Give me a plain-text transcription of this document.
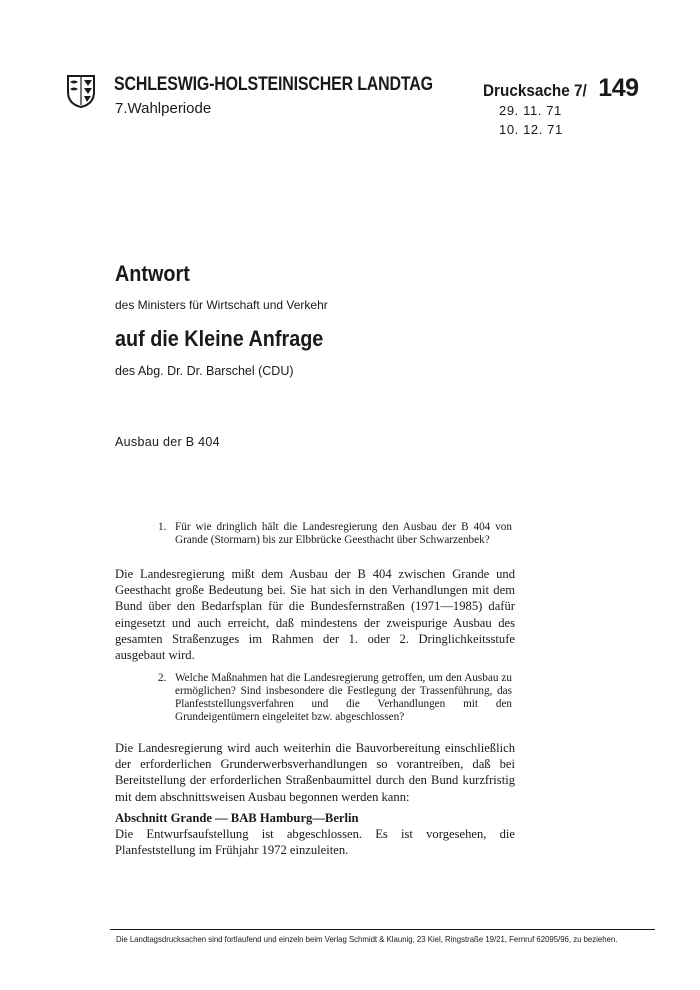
SCHLESWIG-HOLSTEINISCHER LANDTAG
7.Wahlperiode
Drucksache 7/ 149
29. 11. 71
10. 12. 71
Antwort
des Ministers für Wirtschaft und Verkehr
auf die Kleine Anfrage
des Abg. Dr. Dr. Barschel (CDU)
Ausbau der B 404
1. Für wie dringlich hält die Landesregierung den Ausbau der B 404 von Grande (Stormarn) bis zur Elbbrücke Geesthacht über Schwarzenbek?
Die Landesregierung mißt dem Ausbau der B 404 zwischen Grande und Geesthacht große Bedeutung bei. Sie hat sich in den Verhandlungen mit dem Bund über den Bedarfsplan für die Bundesfernstraßen (1971—1985) dafür eingesetzt und auch erreicht, daß mindestens der zweispurige Ausbau des gesamten Straßenzuges im Rahmen der 1. oder 2. Dringlichkeitsstufe ausgebaut wird.
2. Welche Maßnahmen hat die Landesregierung getroffen, um den Ausbau zu ermöglichen? Sind insbesondere die Festlegung der Trassenführung, das Planfeststellungsverfahren und die Verhandlungen mit den Grundeigentümern eingeleitet bzw. abgeschlossen?
Die Landesregierung wird auch weiterhin die Bauvorbereitung einschließlich der erforderlichen Grunderwerbsverhandlungen so vorantreiben, daß bei Bereitstellung der erforderlichen Straßenbaumittel durch den Bund kurzfristig mit dem abschnittsweisen Ausbau begonnen werden kann:
Abschnitt Grande — BAB Hamburg—Berlin
Die Entwurfsaufstellung ist abgeschlossen. Es ist vorgesehen, die Planfeststellung im Frühjahr 1972 einzuleiten.
Die Landtagsdrucksachen sind fortlaufend und einzeln beim Verlag Schmidt & Klaunig, 23 Kiel, Ringstraße 19/21, Fernruf 62095/96, zu beziehen.
